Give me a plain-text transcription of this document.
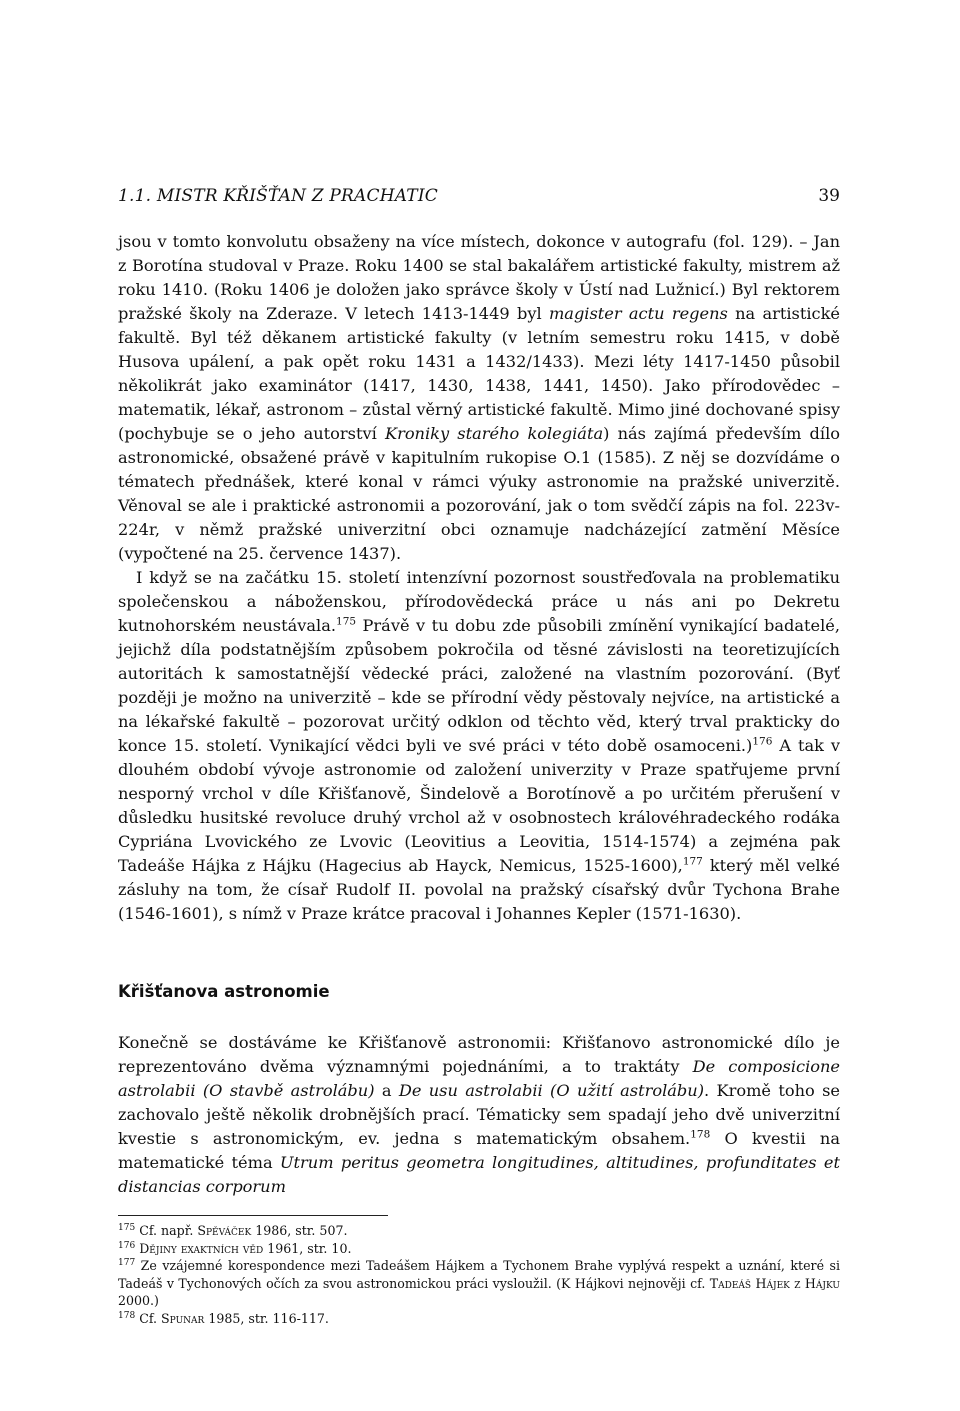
1.1. MISTR KŘIŠŤAN Z PRACHATIC	39

jsou v tomto konvolutu obsaženy na více místech, dokonce v autografu (fol. 129). – Jan z Borotína studoval v Praze. Roku 1400 se stal bakalářem artistické fakulty, mistrem až roku 1410. (Roku 1406 je doložen jako správce školy v Ústí nad Lužnicí.) Byl rektorem pražské školy na Zderaze. V letech 1413-1449 byl magister actu regens na artistické fakultě. Byl též děkanem artistické fakulty (v letním semestru roku 1415, v době Husova upálení, a pak opět roku 1431 a 1432/1433). Mezi léty 1417-1450 působil několikrát jako examinátor (1417, 1430, 1438, 1441, 1450). Jako přírodovědec – matematik, lékař, astronom – zůstal věrný artistické fakultě. Mimo jiné dochované spisy (pochybuje se o jeho autorství Kroniky starého kolegiáta) nás zajímá především dílo astronomické, obsažené právě v kapitulním rukopise O.1 (1585). Z něj se dozvídáme o tématech přednášek, které konal v rámci výuky astronomie na pražské univerzitě. Věnoval se ale i praktické astronomii a pozorování, jak o tom svědčí zápis na fol. 223v-224r, v němž pražské univerzitní obci oznamuje nadcházející zatmění Měsíce (vypočtené na 25. července 1437).

I když se na začátku 15. století intenzívní pozornost soustřeďovala na problematiku společenskou a náboženskou, přírodovědecká práce u nás ani po Dekretu kutnohorském neustávala.$^{175}$ Právě v tu dobu zde působili zmínění vynikající badatelé, jejichž díla podstatnějším způsobem pokročila od těsné závislosti na teoretizujících autoritách k samostatnější vědecké práci, založené na vlastním pozorování. (Byť později je možno na univerzitě – kde se přírodní vědy pěstovaly nejvíce, na artistické a na lékařské fakultě – pozorovat určitý odklon od těchto věd, který trval prakticky do konce 15. století. Vynikající vědci byli ve své práci v této době osamoceni.)$^{176}$ A tak v dlouhém období vývoje astronomie od založení univerzity v Praze spatřujeme první nesporný vrchol v díle Křišťanově, Šindelově a Borotínově a po určitém přerušení v důsledku husitské revoluce druhý vrchol až v osobnostech královéhradeckého rodáka Cypriána Lvovického ze Lvovic (Leovitius a Leovitia, 1514-1574) a zejména pak Tadeáše Hájka z Hájku (Hagecius ab Hayck, Nemicus, 1525-1600),$^{177}$ který měl velké zásluhy na tom, že císař Rudolf II. povolal na pražský císařský dvůr Tychona Brahe (1546-1601), s nímž v Praze krátce pracoval i Johannes Kepler (1571-1630).

Křišťanova astronomie

Konečně se dostáváme ke Křišťanově astronomii: Křišťanovo astronomické dílo je reprezentováno dvěma významnými pojednáními, a to traktáty De composicione astrolabii (O stavbě astrolábu) a De usu astrolabii (O užití astrolábu). Kromě toho se zachovalo ještě několik drobnějších prací. Tématicky sem spadají jeho dvě univerzitní kvestie s astronomickým, ev. jedna s matematickým obsahem.$^{178}$ O kvestii na matematické téma Utrum peritus geometra longitudines, altitudines, profunditates et distancias corporum

$^{175}$ Cf. např. Spěváček 1986, str. 507.

$^{176}$ Dějiny exaktních věd 1961, str. 10.

$^{177}$ Ze vzájemné korespondence mezi Tadeášem Hájkem a Tychonem Brahe vyplývá respekt a uznání, které si Tadeáš v Tychonových očích za svou astronomickou práci vysloužil. (K Hájkovi nejnověji cf. Tadeáš Hájek z Hájku 2000.)

$^{178}$ Cf. Spunar 1985, str. 116-117.
